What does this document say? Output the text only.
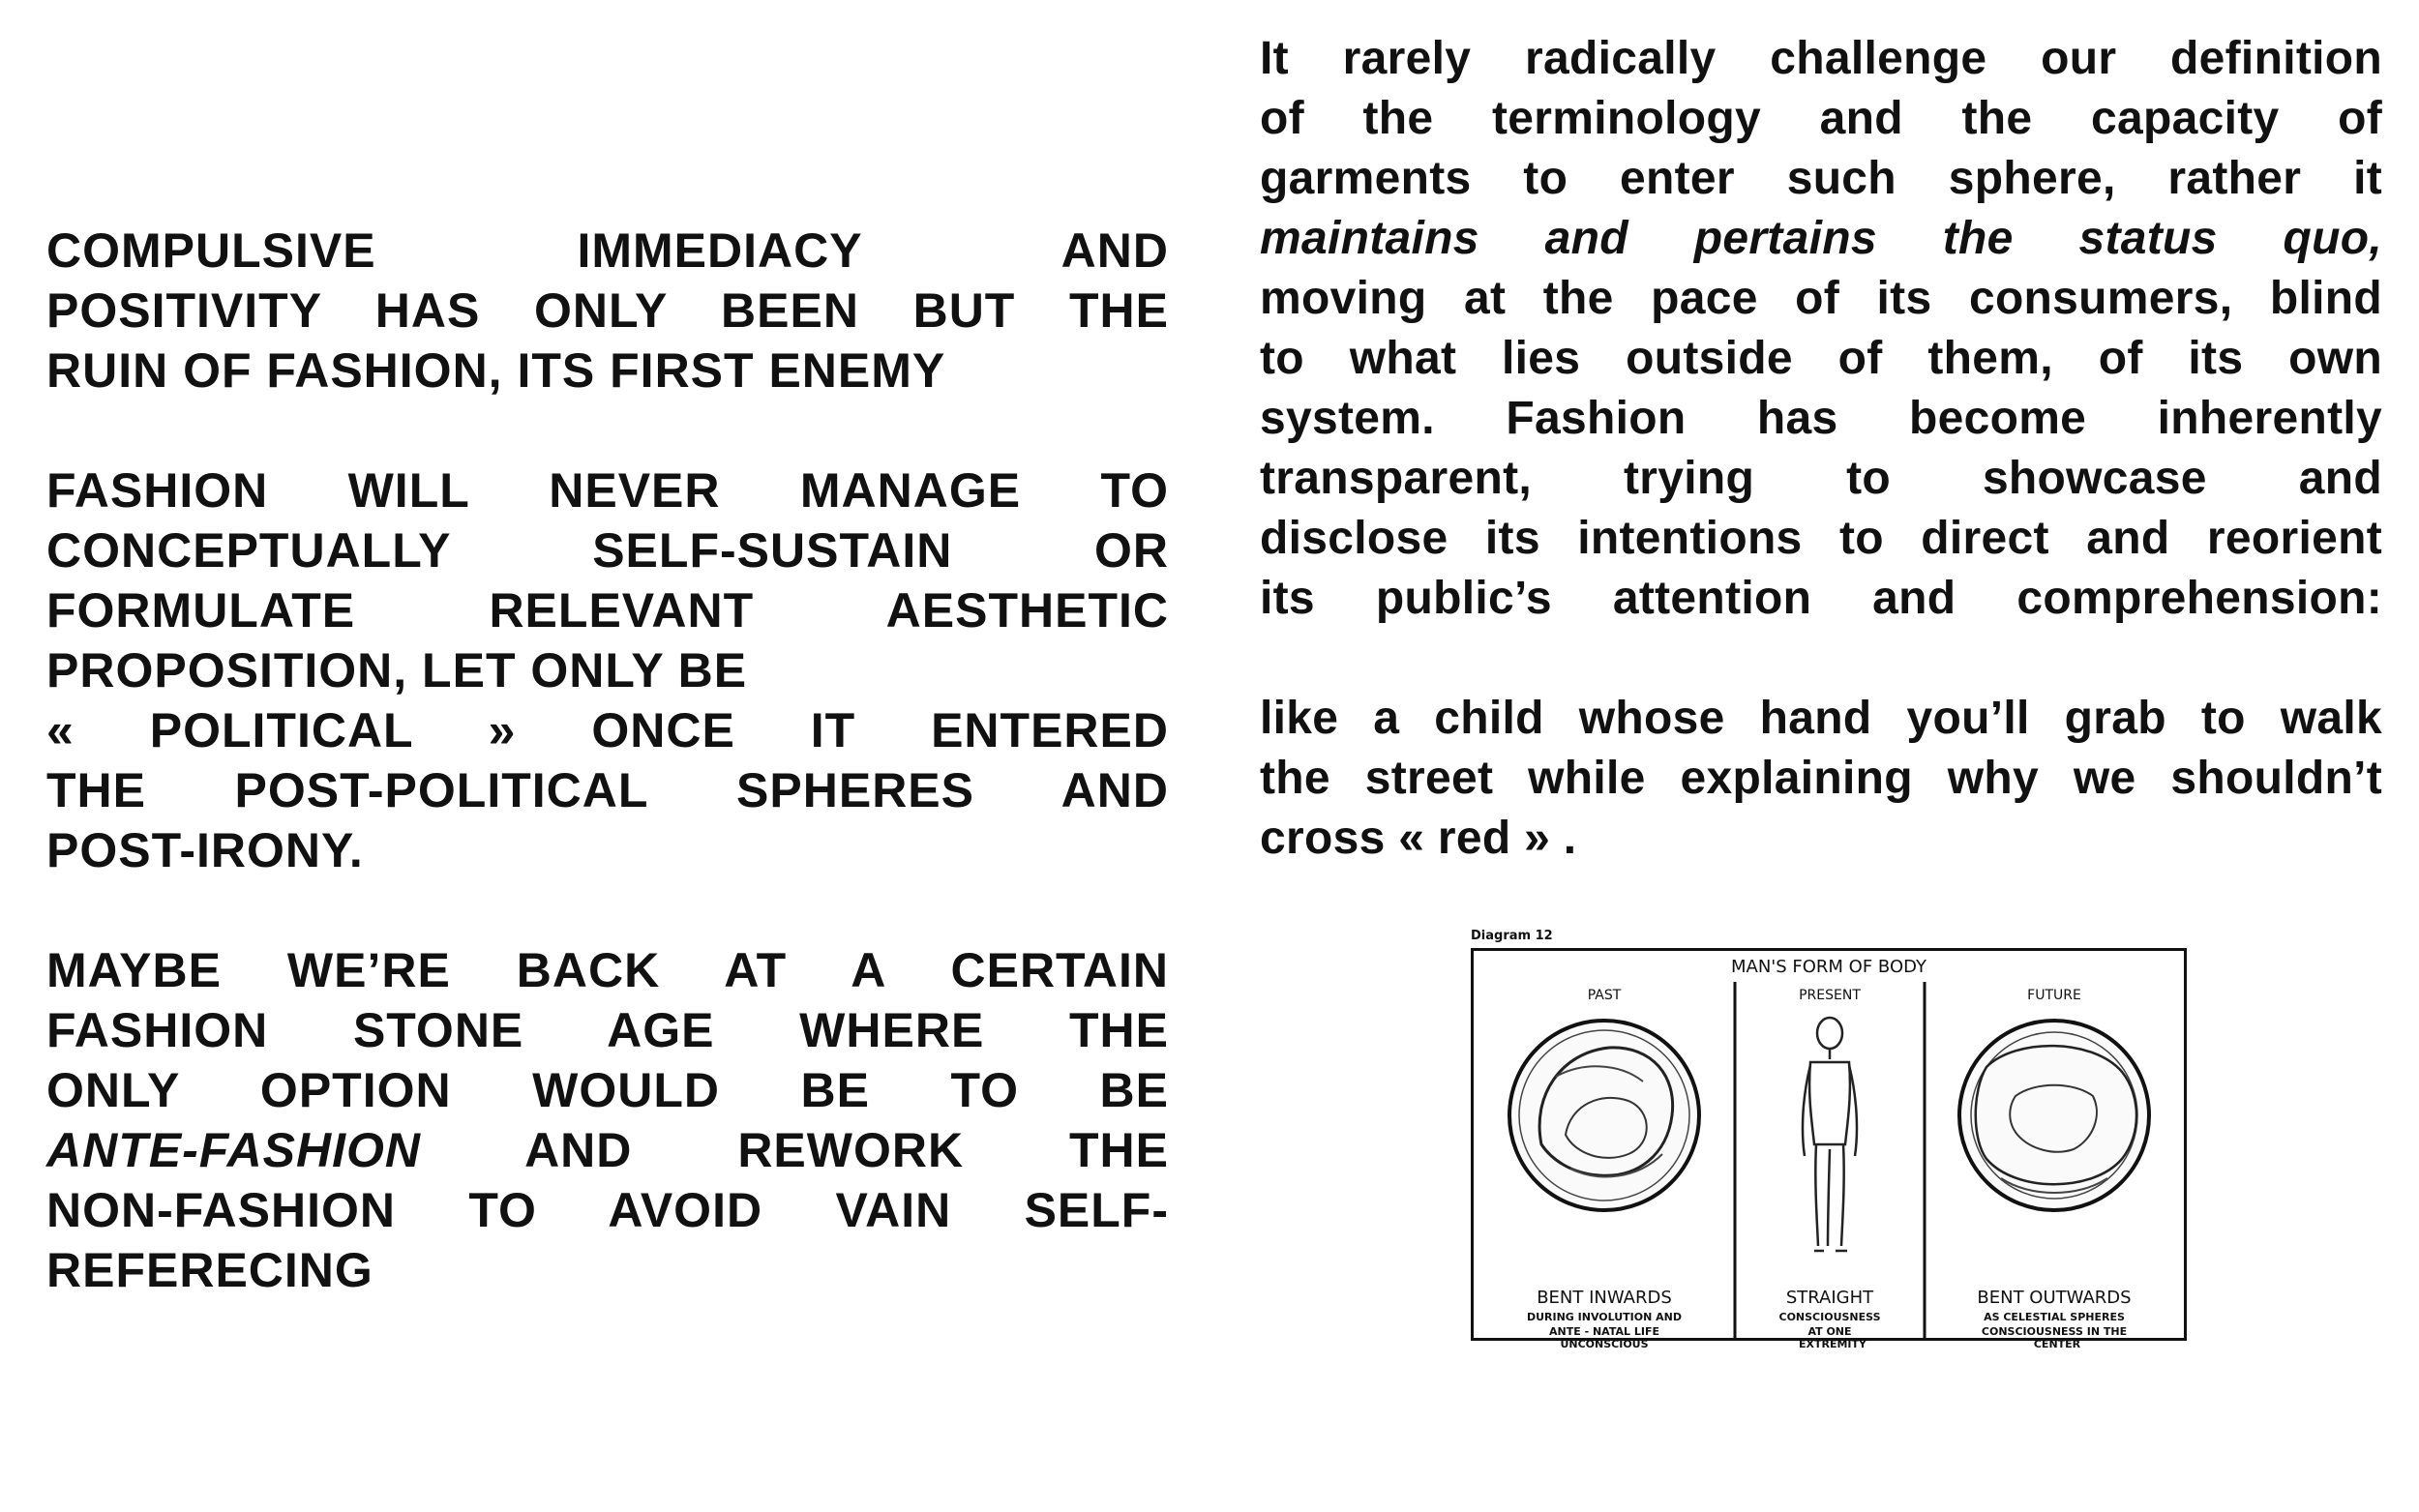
COMPULSIVE IMMEDIACY AND
POSITIVITY HAS ONLY BEEN BUT THE
RUIN OF FASHION, ITS FIRST ENEMY

FASHION WILL NEVER MANAGE TO
CONCEPTUALLY SELF-SUSTAIN OR
FORMULATE RELEVANT AESTHETIC
PROPOSITION, LET ONLY BE
« POLITICAL » ONCE IT ENTERED
THE POST-POLITICAL SPHERES AND
POST-IRONY.

MAYBE WE’RE BACK AT A CERTAIN
FASHION STONE AGE WHERE THE
ONLY OPTION WOULD BE TO BE
ANTE-FASHION AND REWORK THE
NON-FASHION TO AVOID VAIN SELF-
REFERECING

It rarely radically challenge our definition
of the terminology and the capacity of
garments to enter such sphere, rather it
maintains and pertains the status quo,
moving at the pace of its consumers, blind
to what lies outside of them, of its own
system. Fashion has become inherently
transparent, trying to showcase and
disclose its intentions to direct and reorient
its public’s attention and comprehension:

like a child whose hand you’ll grab to walk
the street while explaining why we shouldn’t
cross « red » .

Diagram 12
MAN'S FORM OF BODY
PAST	PRESENT	FUTURE
BENT INWARDS
DURING INVOLUTION AND
ANTE - NATAL LIFE
STRAIGHT
CONSCIOUSNESS
AT ONE
BENT OUTWARDS
AS CELESTIAL SPHERES
CONSCIOUSNESS IN THE
UNCONSCIOUS	EXTREMITY	CENTER
